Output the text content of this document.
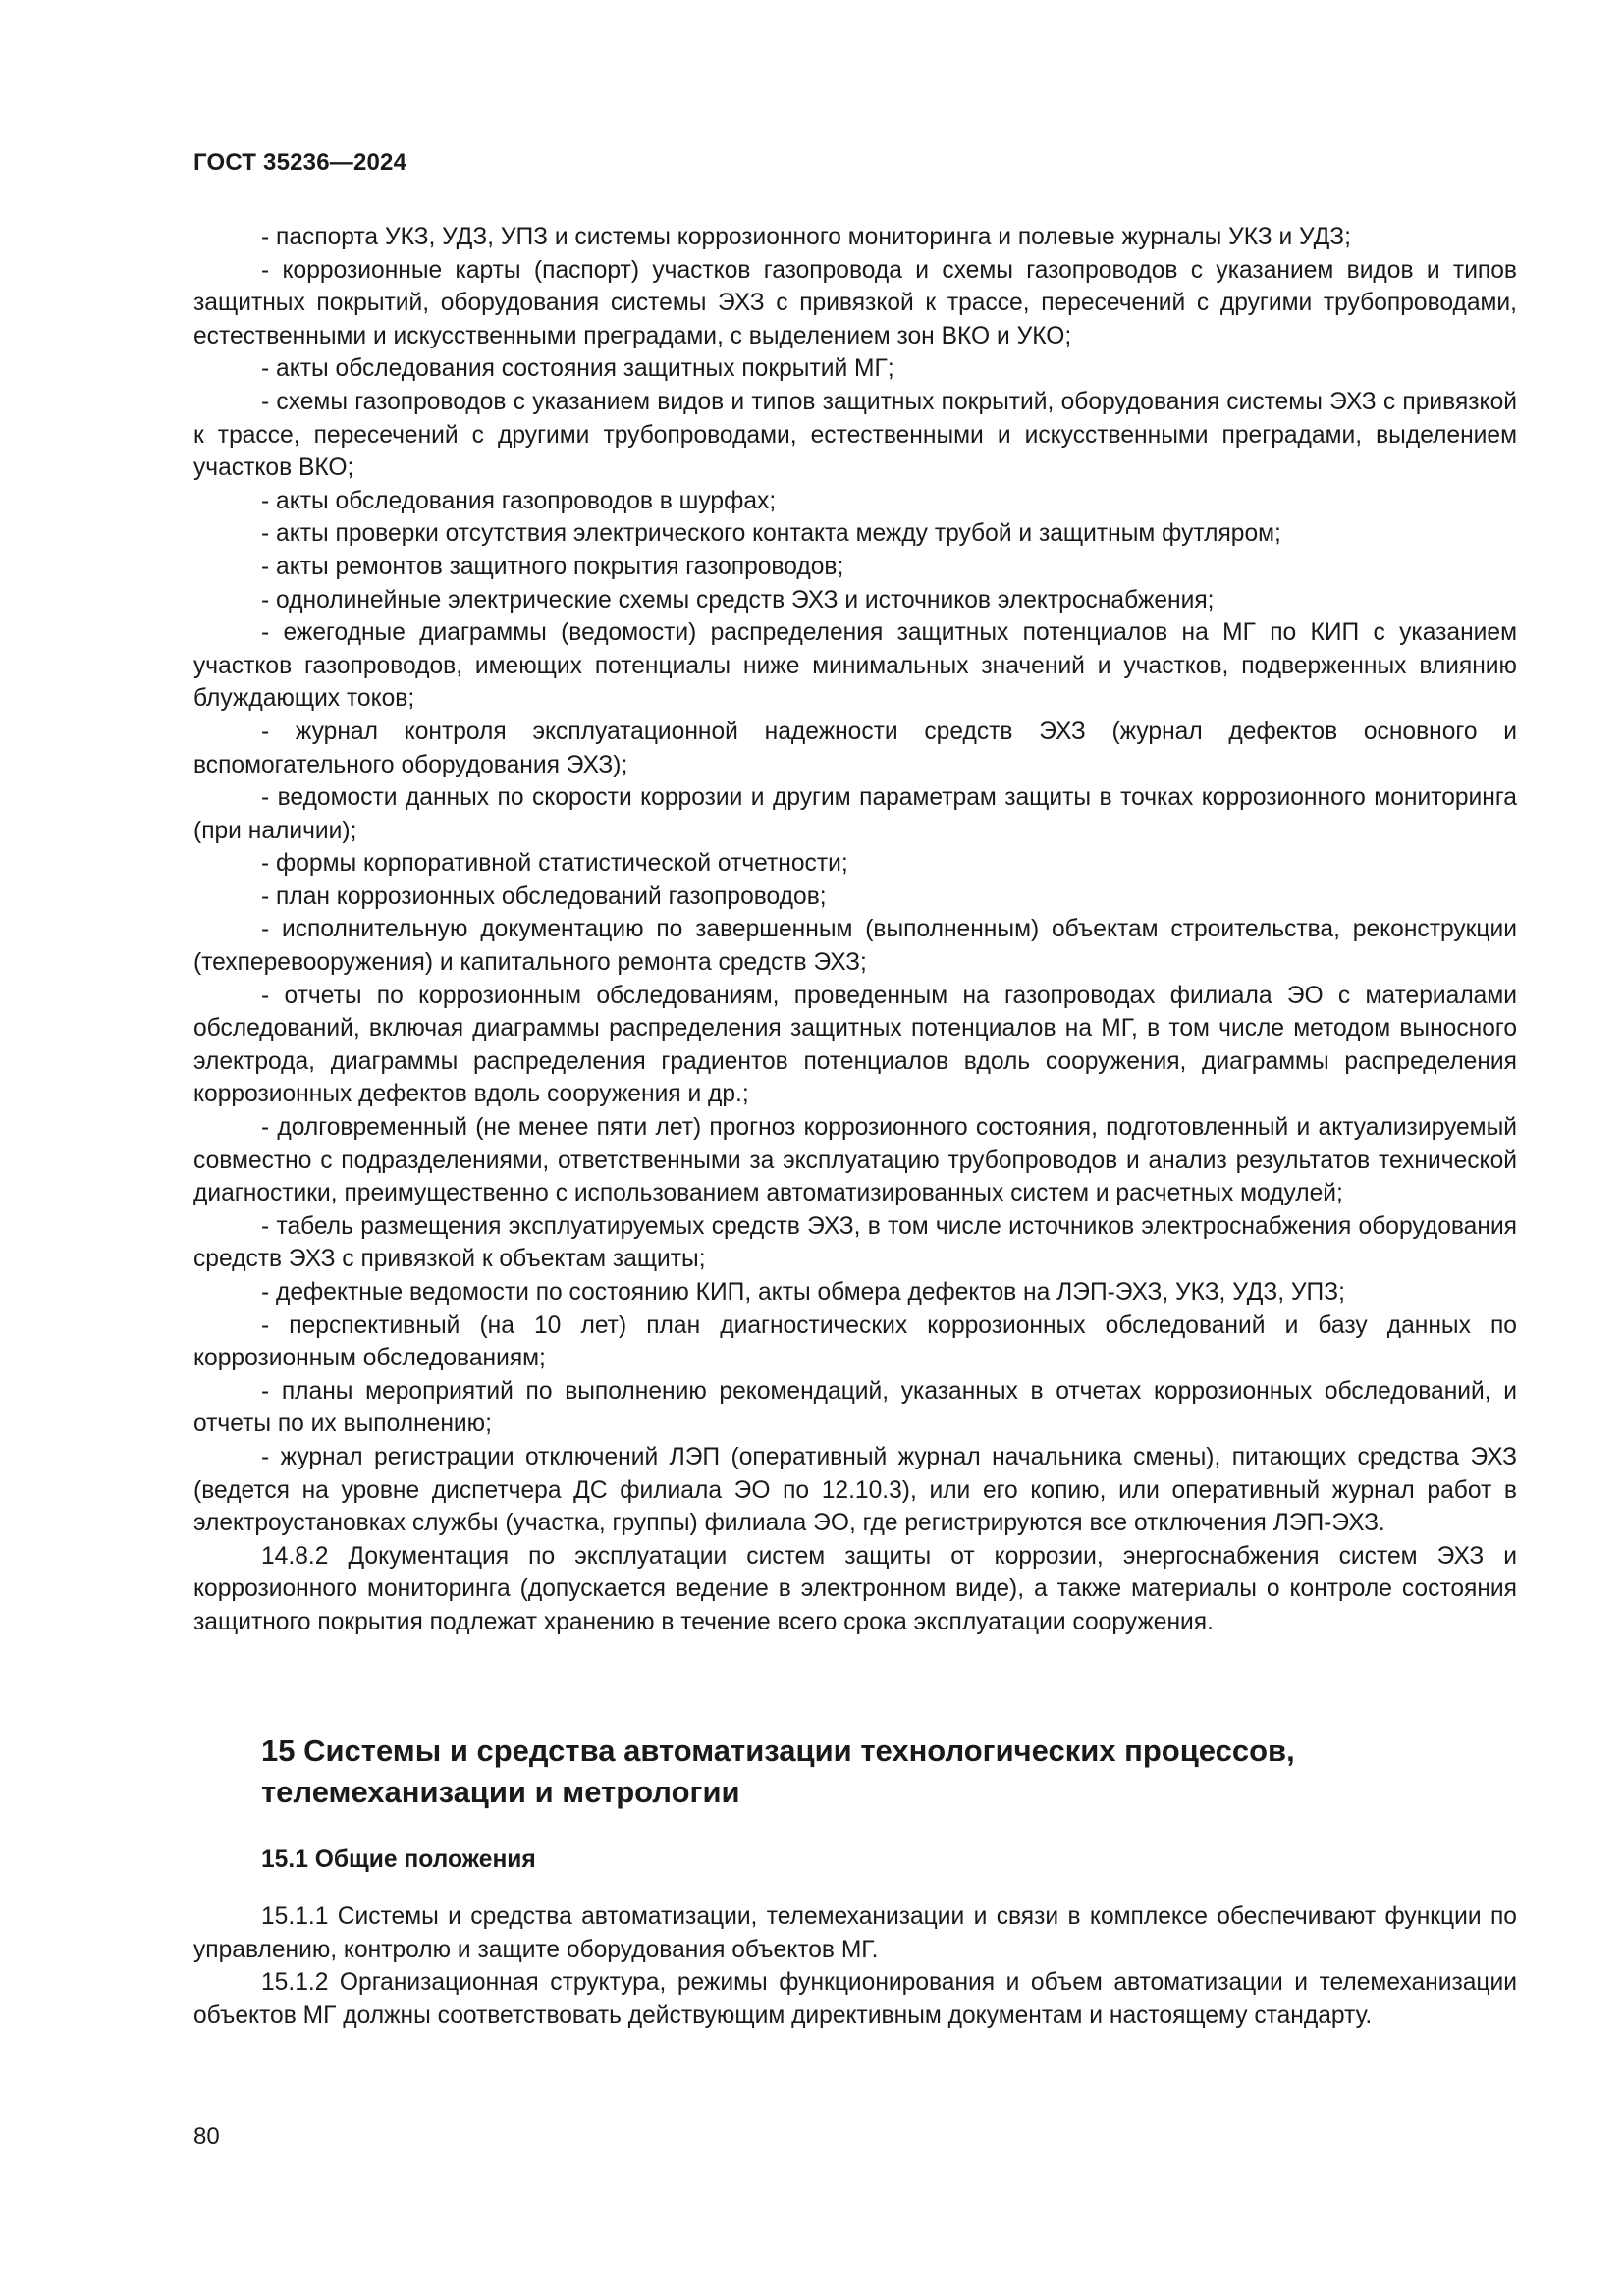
ГОСТ 35236—2024

- паспорта УКЗ, УДЗ, УПЗ и системы коррозионного мониторинга и полевые журналы УКЗ и УДЗ;

- коррозионные карты (паспорт) участков газопровода и схемы газопроводов с указанием видов и типов защитных покрытий, оборудования системы ЭХЗ с привязкой к трассе, пересечений с другими трубопроводами, естественными и искусственными преградами, с выделением зон ВКО и УКО;

- акты обследования состояния защитных покрытий МГ;

- схемы газопроводов с указанием видов и типов защитных покрытий, оборудования системы ЭХЗ с привязкой к трассе, пересечений с другими трубопроводами, естественными и искусственными преградами, выделением участков ВКО;

- акты обследования газопроводов в шурфах;

- акты проверки отсутствия электрического контакта между трубой и защитным футляром;

- акты ремонтов защитного покрытия газопроводов;

- однолинейные электрические схемы средств ЭХЗ и источников электроснабжения;

- ежегодные диаграммы (ведомости) распределения защитных потенциалов на МГ по КИП с указанием участков газопроводов, имеющих потенциалы ниже минимальных значений и участков, подверженных влиянию блуждающих токов;

- журнал контроля эксплуатационной надежности средств ЭХЗ (журнал дефектов основного и вспомогательного оборудования ЭХЗ);

- ведомости данных по скорости коррозии и другим параметрам защиты в точках коррозионного мониторинга (при наличии);

- формы корпоративной статистической отчетности;

- план коррозионных обследований газопроводов;

- исполнительную документацию по завершенным (выполненным) объектам строительства, реконструкции (техперевооружения) и капитального ремонта средств ЭХЗ;

- отчеты по коррозионным обследованиям, проведенным на газопроводах филиала ЭО с материалами обследований, включая диаграммы распределения защитных потенциалов на МГ, в том числе методом выносного электрода, диаграммы распределения градиентов потенциалов вдоль сооружения, диаграммы распределения коррозионных дефектов вдоль сооружения и др.;

- долговременный (не менее пяти лет) прогноз коррозионного состояния, подготовленный и актуализируемый совместно с подразделениями, ответственными за эксплуатацию трубопроводов и анализ результатов технической диагностики, преимущественно с использованием автоматизированных систем и расчетных модулей;

- табель размещения эксплуатируемых средств ЭХЗ, в том числе источников электроснабжения оборудования средств ЭХЗ с привязкой к объектам защиты;

- дефектные ведомости по состоянию КИП, акты обмера дефектов на ЛЭП-ЭХЗ, УКЗ, УДЗ, УПЗ;

- перспективный (на 10 лет) план диагностических коррозионных обследований и базу данных по коррозионным обследованиям;

- планы мероприятий по выполнению рекомендаций, указанных в отчетах коррозионных обследований, и отчеты по их выполнению;

- журнал регистрации отключений ЛЭП (оперативный журнал начальника смены), питающих средства ЭХЗ (ведется на уровне диспетчера ДС филиала ЭО по 12.10.3), или его копию, или оперативный журнал работ в электроустановках службы (участка, группы) филиала ЭО, где регистрируются все отключения ЛЭП-ЭХЗ.

14.8.2 Документация по эксплуатации систем защиты от коррозии, энергоснабжения систем ЭХЗ и коррозионного мониторинга (допускается ведение в электронном виде), а также материалы о контроле состояния защитного покрытия подлежат хранению в течение всего срока эксплуатации сооружения.

15 Системы и средства автоматизации технологических процессов, телемеханизации и метрологии
15.1 Общие положения

15.1.1 Системы и средства автоматизации, телемеханизации и связи в комплексе обеспечивают функции по управлению, контролю и защите оборудования объектов МГ.

15.1.2 Организационная структура, режимы функционирования и объем автоматизации и телемеханизации объектов МГ должны соответствовать действующим директивным документам и настоящему стандарту.

80
